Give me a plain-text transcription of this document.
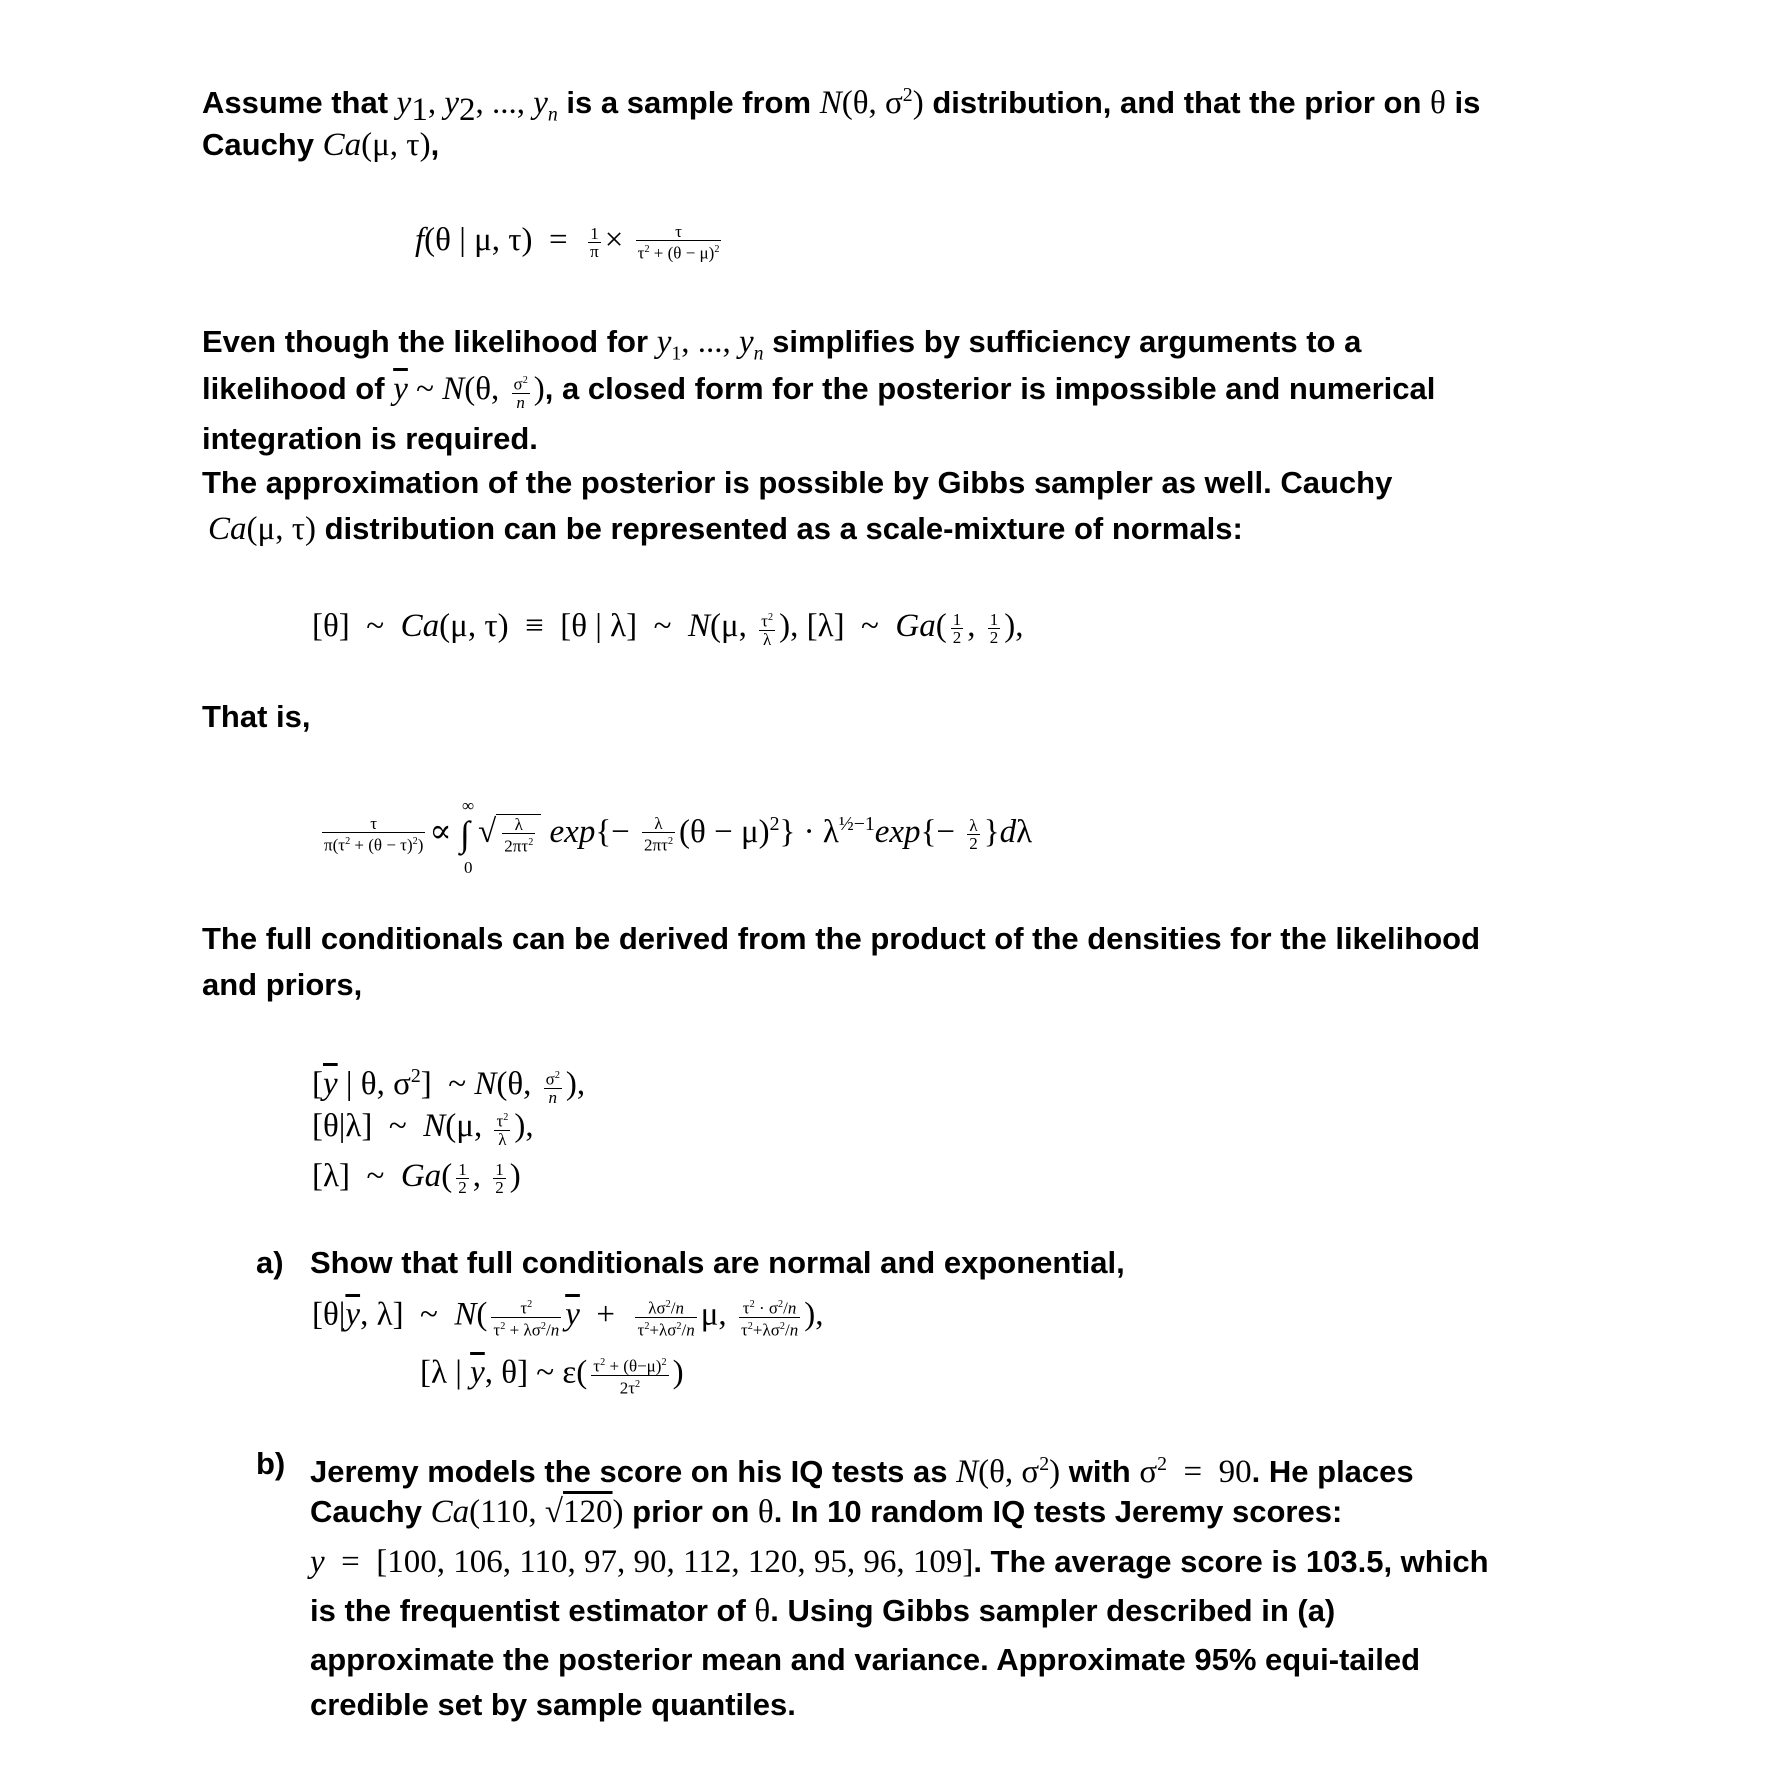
Assume that $y_1$, $y_2$, ..., $y_n$ is a sample from N(θ, $\sigma^2$) distribution, and that the prior on θ is
Cauchy Ca(μ, τ),
f(θ | μ, $\tau) = \frac{1}{\pi} \times \frac{\tau}{\tau^2 + (\theta - \mu)^2}$
Even though the likelihood for $y_1$, ..., $y_n$ simplifies by sufficiency arguments to a
likelihood of $\overline{y}$ ~ N(θ, $\frac{\sigma^2}{n}$ ), a closed form for the posterior is impossible and numerical
integration is required.
The approximation of the posterior is possible by Gibbs sampler as well. Cauchy
Ca(μ, τ) distribution can be represented as a scale-mixture of normals:
[θ]  ~  Ca(μ, τ)  ≡  [θ | λ]  ~  N(μ, $\frac{\tau^2}{\lambda}$ ), [λ]  ~  $Ga( \frac{1}{2}$ , $\frac{1}{2}$ ),
That is,
$\frac{\tau}{\pi(\tau^2 + (\theta - \tau)^2)}$ ∝
∞
∫
0
√ $\frac{\lambda}{2\pi\tau^2} \exp\{- \frac{\lambda}{2\pi\tau^2} (\theta - \mu)^2\} \cdot \lambda^{\frac{1}{2}-1}\exp\{- \frac{\lambda}{2} \}d\lambda$
The full conditionals can be derived from the product of the densities for the likelihood
and priors,
[$\overline{y}$ | θ, $\sigma^2$]  ~ N(θ, $\frac{\sigma^2}{n}$ ),
[θ|λ]  ~  N(μ, $\frac{\tau^2}{\lambda}$ ),
[λ]  ~  $Ga( \frac{1}{2}$ , $\frac{1}{2}$ )
a) Show that full conditionals are normal and exponential,
[$\theta|\overline{y}$, λ]  ~  $N( \frac{\tau^2}{\tau^2 + \lambda\sigma^2/n} \overline{y} + \frac{\lambda\sigma^2/n}{\tau^2+\lambda\sigma^2/n} \mu$, $\frac{\tau^2 \cdot \sigma^2/n}{\tau^2+\lambda\sigma^2/n}$ ),
[λ | $\overline{y}$, θ] ~ $\varepsilon( \frac{\tau^2 + (\theta-\mu)^2}{2\tau^2}$ )
b) Jeremy models the score on his IQ tests as N(θ, $\sigma^2$) with $\sigma^2 = 90$. He places
Cauchy Ca(110, √120) prior on θ. In 10 random IQ tests Jeremy scores:
y  =  [100, 106, 110, 97, 90, 112, 120, 95, 96, 109]. The average score is 103.5, which
is the frequentist estimator of θ. Using Gibbs sampler described in (a)
approximate the posterior mean and variance. Approximate 95% equi-tailed
credible set by sample quantiles.
